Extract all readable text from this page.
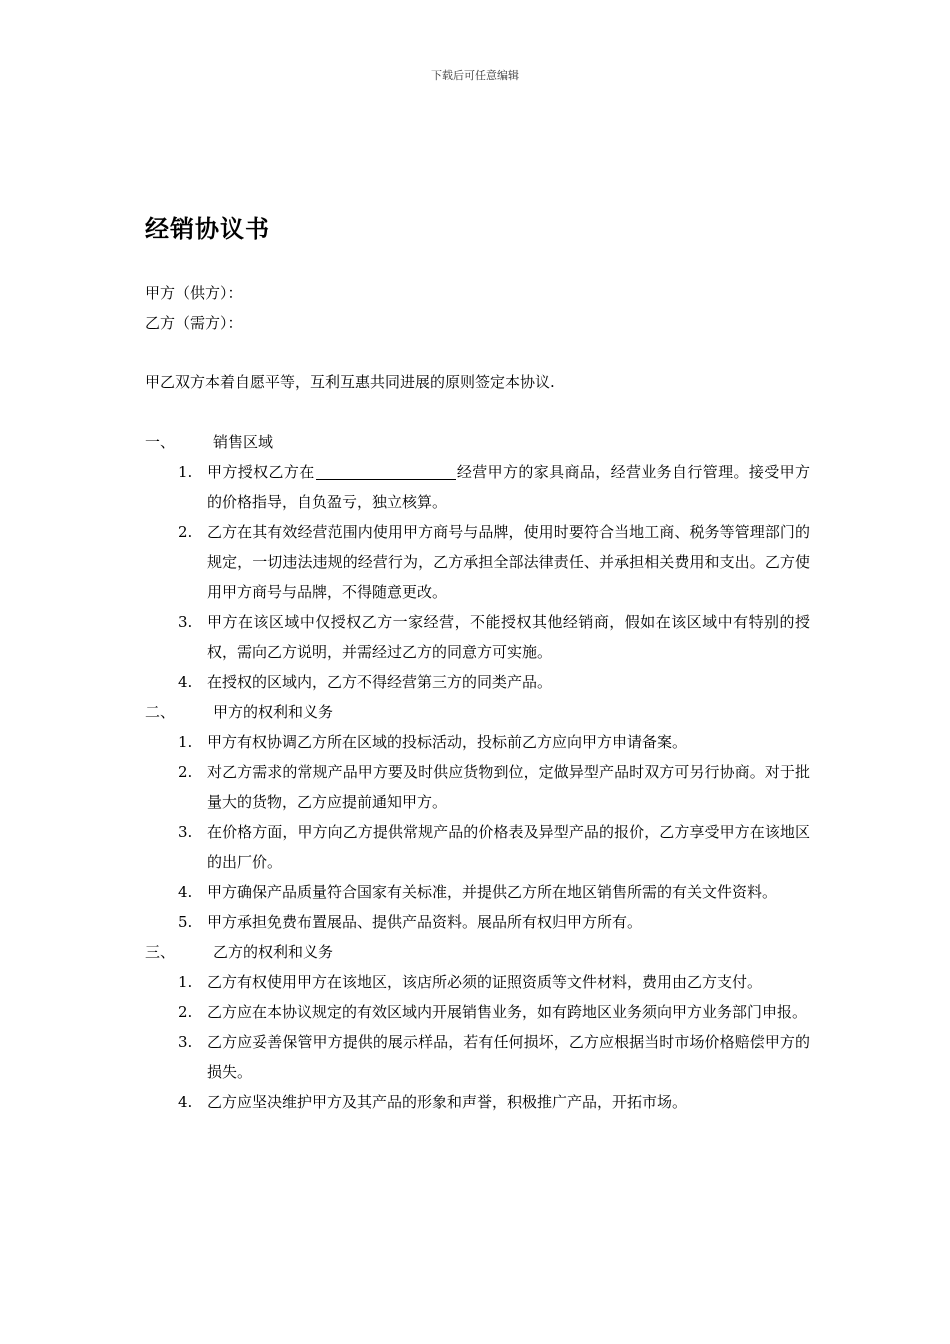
下载后可任意编辑
经销协议书
甲方（供方）：
乙方（需方）：
甲乙双方本着自愿平等，互利互惠共同进展的原则签定本协议.
一、	销售区域
1. 甲方授权乙方在	经营甲方的家具商品，经营业务自行管理。接受甲方的价格指导，自负盈亏，独立核算。
2. 乙方在其有效经营范围内使用甲方商号与品牌，使用时要符合当地工商、税务等管理部门的规定，一切违法违规的经营行为，乙方承担全部法律责任、并承担相关费用和支出。乙方使用甲方商号与品牌，不得随意更改。
3. 甲方在该区域中仅授权乙方一家经营，不能授权其他经销商，假如在该区域中有特别的授权，需向乙方说明，并需经过乙方的同意方可实施。
4. 在授权的区域内，乙方不得经营第三方的同类产品。
二、	甲方的权利和义务
1. 甲方有权协调乙方所在区域的投标活动，投标前乙方应向甲方申请备案。
2. 对乙方需求的常规产品甲方要及时供应货物到位，定做异型产品时双方可另行协商。对于批量大的货物，乙方应提前通知甲方。
3. 在价格方面，甲方向乙方提供常规产品的价格表及异型产品的报价，乙方享受甲方在该地区的出厂价。
4. 甲方确保产品质量符合国家有关标准，并提供乙方所在地区销售所需的有关文件资料。
5. 甲方承担免费布置展品、提供产品资料。展品所有权归甲方所有。
三、	乙方的权利和义务
1. 乙方有权使用甲方在该地区，该店所必须的证照资质等文件材料，费用由乙方支付。
2. 乙方应在本协议规定的有效区域内开展销售业务，如有跨地区业务须向甲方业务部门申报。
3. 乙方应妥善保管甲方提供的展示样品，若有任何损坏，乙方应根据当时市场价格赔偿甲方的损失。
4. 乙方应坚决维护甲方及其产品的形象和声誉，积极推广产品，开拓市场。
